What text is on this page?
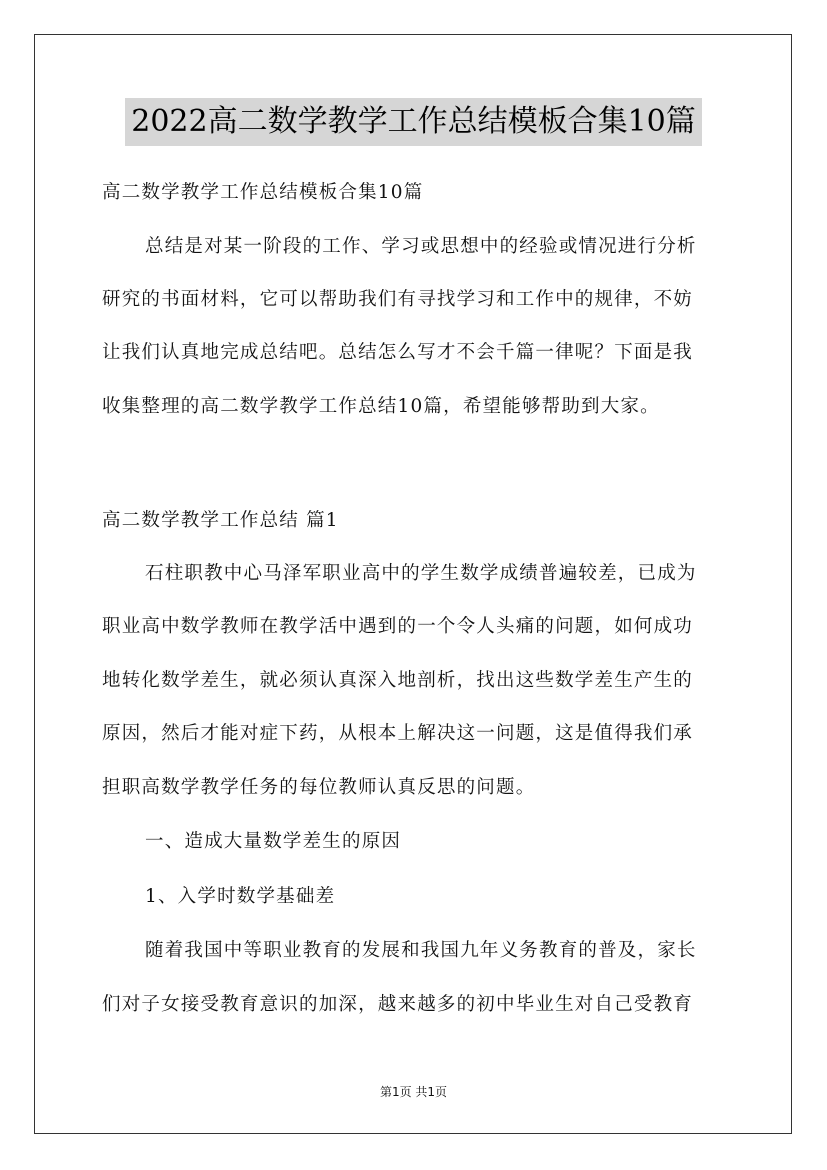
2022高二数学教学工作总结模板合集10篇
高二数学教学工作总结模板合集10篇
总结是对某一阶段的工作、学习或思想中的经验或情况进行分析
研究的书面材料，它可以帮助我们有寻找学习和工作中的规律，不妨
让我们认真地完成总结吧。总结怎么写才不会千篇一律呢？下面是我
收集整理的高二数学教学工作总结10篇，希望能够帮助到大家。
高二数学教学工作总结 篇1
石柱职教中心马泽军职业高中的学生数学成绩普遍较差，已成为
职业高中数学教师在教学活中遇到的一个令人头痛的问题，如何成功
地转化数学差生，就必须认真深入地剖析，找出这些数学差生产生的
原因，然后才能对症下药，从根本上解决这一问题，这是值得我们承
担职高数学教学任务的每位教师认真反思的问题。
一、造成大量数学差生的原因
1、入学时数学基础差
随着我国中等职业教育的发展和我国九年义务教育的普及，家长
们对子女接受教育意识的加深，越来越多的初中毕业生对自己受教育
第1页 共1页
